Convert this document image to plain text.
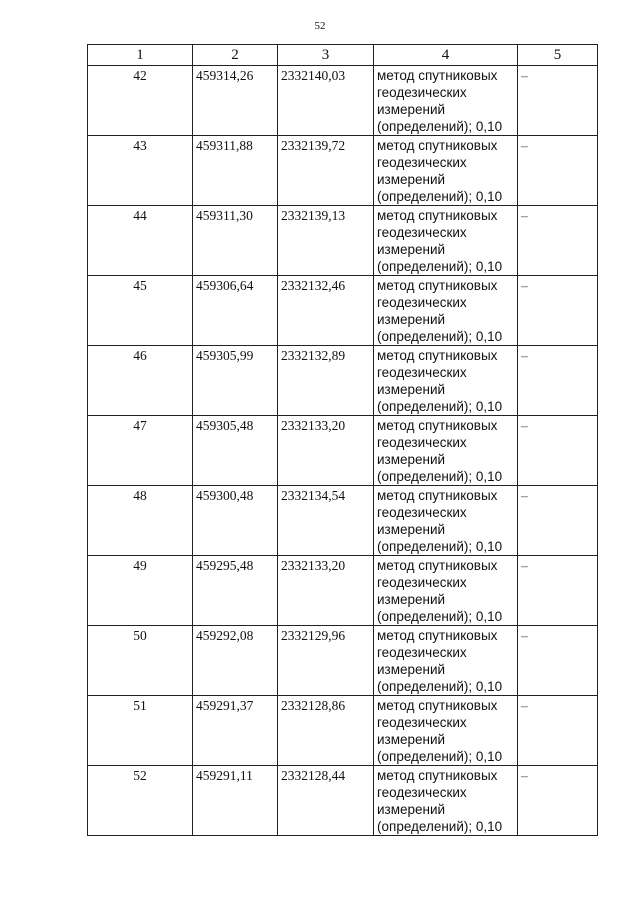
52
1	2	3	4	5
42	459314,26	2332140,03	метод спутниковых геодезических измерений (определений); 0,10	–
43	459311,88	2332139,72	метод спутниковых геодезических измерений (определений); 0,10	–
44	459311,30	2332139,13	метод спутниковых геодезических измерений (определений); 0,10	–
45	459306,64	2332132,46	метод спутниковых геодезических измерений (определений); 0,10	–
46	459305,99	2332132,89	метод спутниковых геодезических измерений (определений); 0,10	–
47	459305,48	2332133,20	метод спутниковых геодезических измерений (определений); 0,10	–
48	459300,48	2332134,54	метод спутниковых геодезических измерений (определений); 0,10	–
49	459295,48	2332133,20	метод спутниковых геодезических измерений (определений); 0,10	–
50	459292,08	2332129,96	метод спутниковых геодезических измерений (определений); 0,10	–
51	459291,37	2332128,86	метод спутниковых геодезических измерений (определений); 0,10	–
52	459291,11	2332128,44	метод спутниковых геодезических измерений (определений); 0,10	–
